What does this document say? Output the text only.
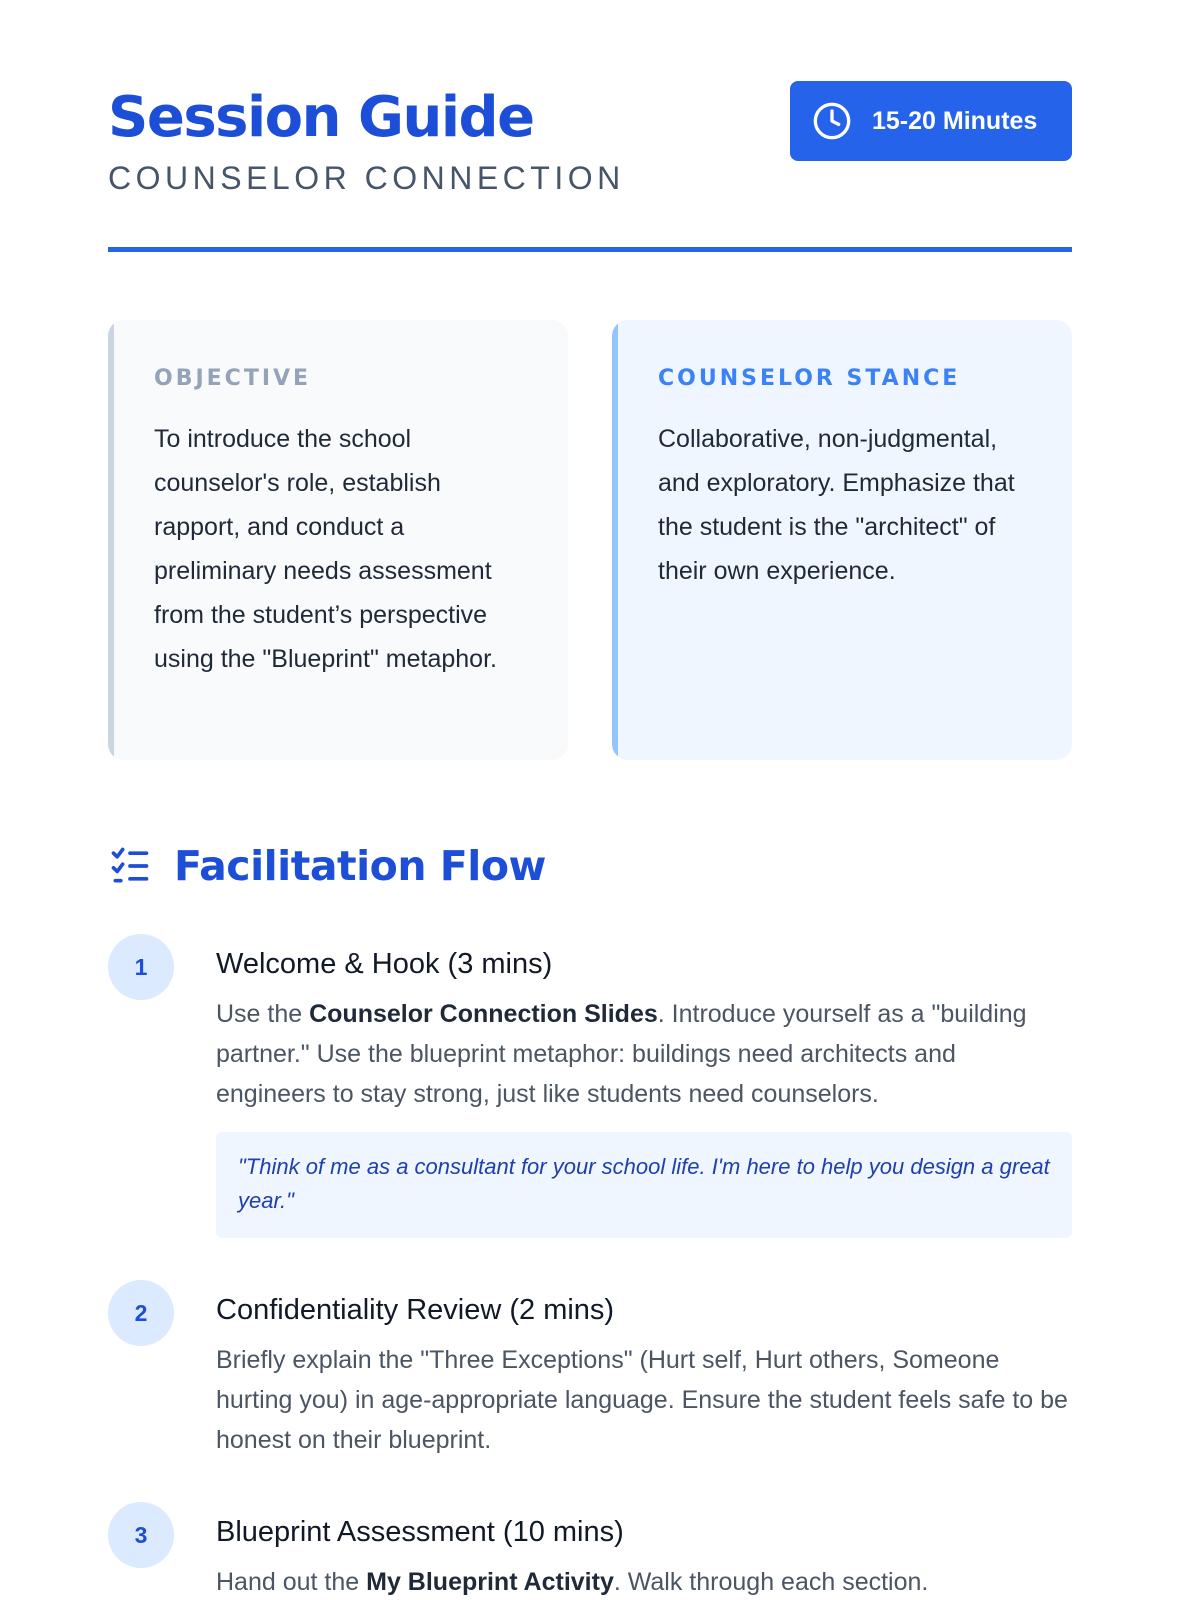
Session Guide
COUNSELOR CONNECTION
15-20 Minutes
OBJECTIVE

To introduce the school counselor's role, establish rapport, and conduct a preliminary needs assessment from the student’s perspective using the "Blueprint" metaphor.

COUNSELOR STANCE

Collaborative, non-judgmental, and exploratory. Emphasize that the student is the "architect" of their own experience.

Facilitation Flow
1	Welcome & Hook (3 mins)
Use the Counselor Connection Slides. Introduce yourself as a "building partner." Use the blueprint metaphor: buildings need architects and engineers to stay strong, just like students need counselors.
"Think of me as a consultant for your school life. I'm here to help you design a great year."
2	Confidentiality Review (2 mins)
Briefly explain the "Three Exceptions" (Hurt self, Hurt others, Someone hurting you) in age-appropriate language. Ensure the student feels safe to be honest on their blueprint.
3	Blueprint Assessment (10 mins)
Hand out the My Blueprint Activity. Walk through each section.
